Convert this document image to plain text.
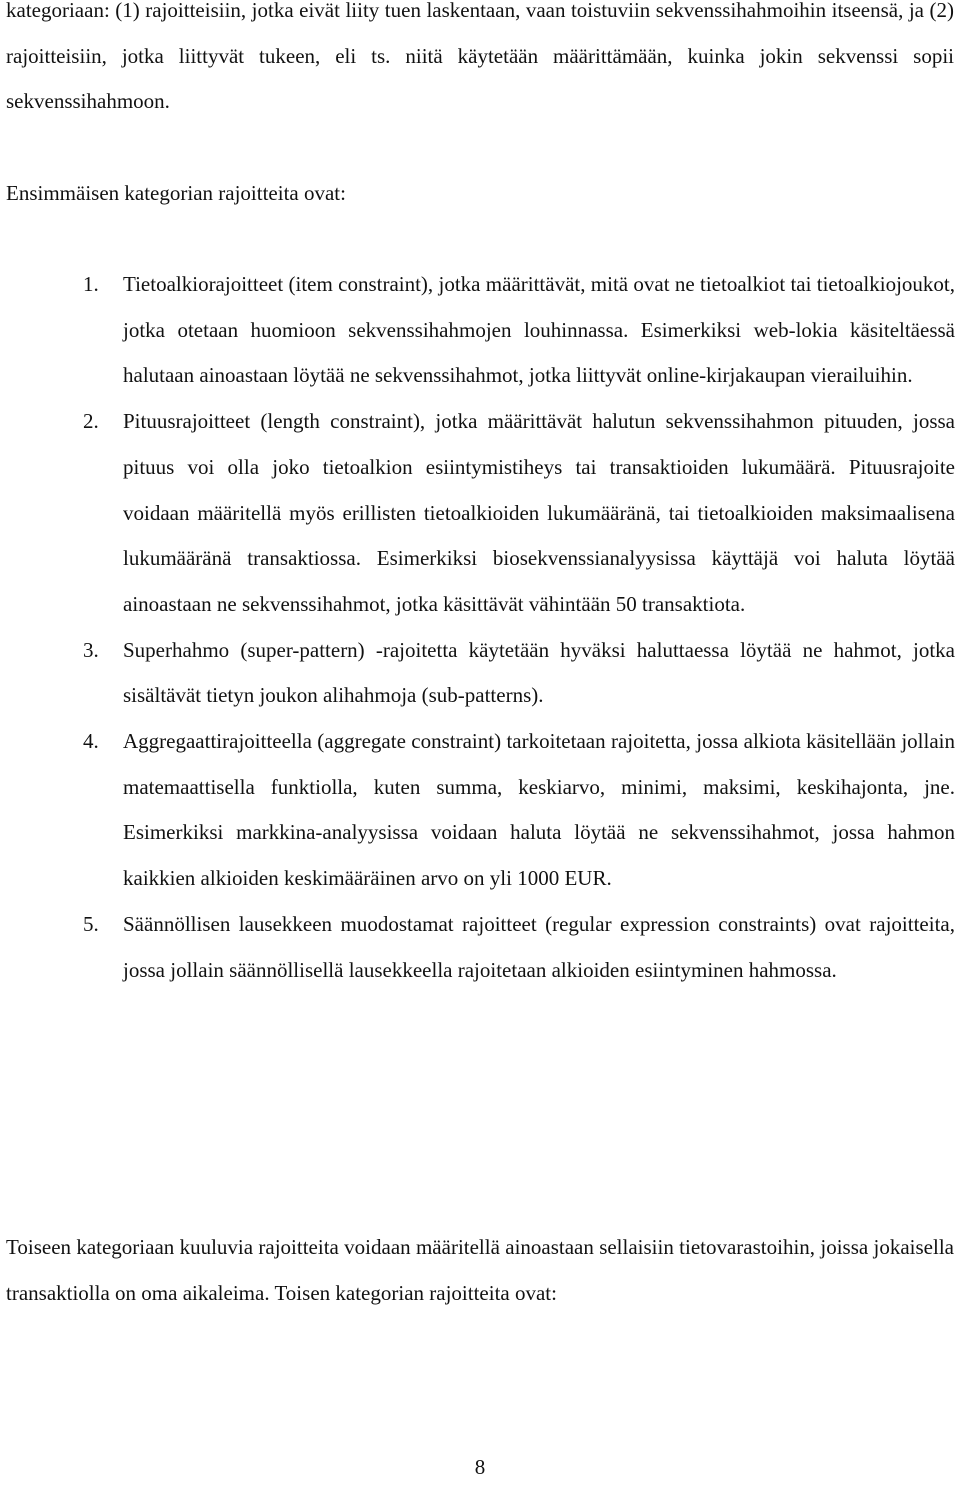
kategoriaan: (1) rajoitteisiin, jotka eivät liity tuen laskentaan, vaan toistuviin sekvenssihahmoihin itseensä, ja (2) rajoitteisiin, jotka liittyvät tukeen, eli ts. niitä käytetään määrittämään, kuinka jokin sekvenssi sopii sekvenssihahmoon.

Ensimmäisen kategorian rajoitteita ovat:

1. Tietoalkiorajoitteet (item constraint), jotka määrittävät, mitä ovat ne tietoalkiot tai tietoalkiojoukot, jotka otetaan huomioon sekvenssihahmojen louhinnassa. Esimerkiksi web-lokia käsiteltäessä halutaan ainoastaan löytää ne sekvenssihahmot, jotka liittyvät online-kirjakaupan vierailuihin.
2. Pituusrajoitteet (length constraint), jotka määrittävät halutun sekvenssihahmon pituuden, jossa pituus voi olla joko tietoalkion esiintymistiheys tai transaktioiden lukumäärä. Pituusrajoite voidaan määritellä myös erillisten tietoalkioiden lukumääränä, tai tietoalkioiden maksimaalisena lukumääränä transaktiossa. Esimerkiksi biosekvenssianalyysissa käyttäjä voi haluta löytää ainoastaan ne sekvenssihahmot, jotka käsittävät vähintään 50 transaktiota.
3. Superhahmo (super-pattern) -rajoitetta käytetään hyväksi haluttaessa löytää ne hahmot, jotka sisältävät tietyn joukon alihahmoja (sub-patterns).
4. Aggregaattirajoitteella (aggregate constraint) tarkoitetaan rajoitetta, jossa alkiota käsitellään jollain matemaattisella funktiolla, kuten summa, keskiarvo, minimi, maksimi, keskihajonta, jne. Esimerkiksi markkina-analyysissa voidaan haluta löytää ne sekvenssihahmot, jossa hahmon kaikkien alkioiden keskimääräinen arvo on yli 1000 EUR.
5. Säännöllisen lausekkeen muodostamat rajoitteet (regular expression constraints) ovat rajoitteita, jossa jollain säännöllisellä lausekkeella rajoitetaan alkioiden esiintyminen hahmossa.

Toiseen kategoriaan kuuluvia rajoitteita voidaan määritellä ainoastaan sellaisiin tietovarastoihin, joissa jokaisella transaktiolla on oma aikaleima. Toisen kategorian rajoitteita ovat:

8
